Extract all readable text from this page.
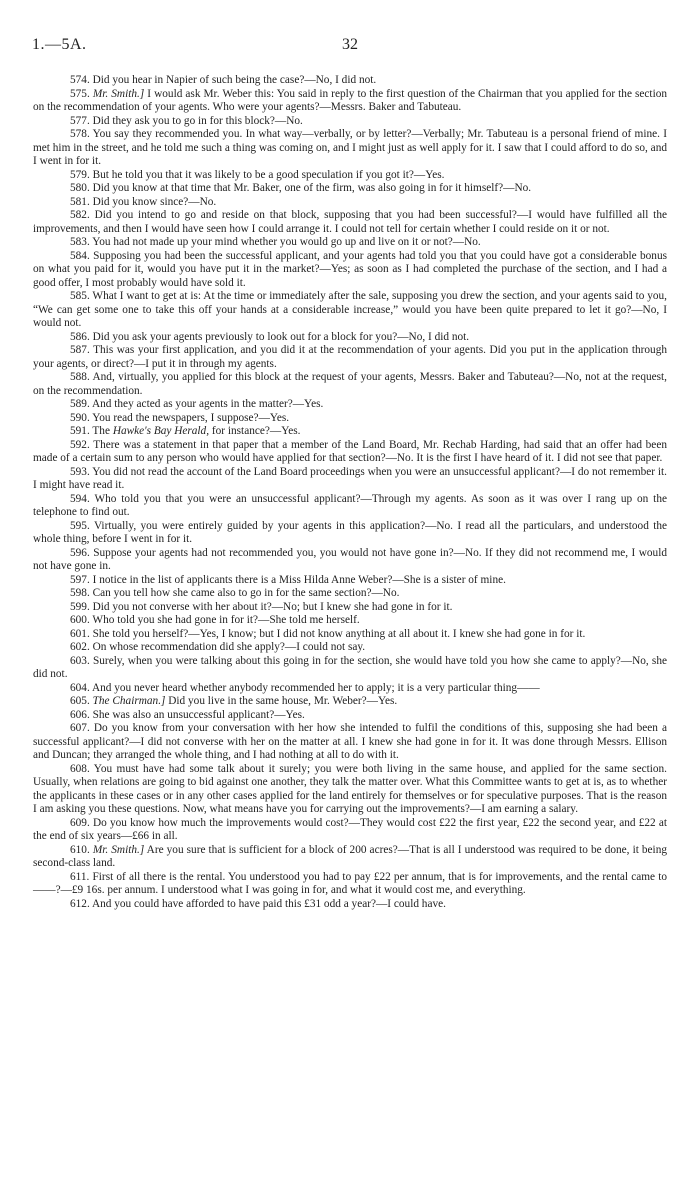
1.—5A.	32

574. Did you hear in Napier of such being the case?—No, I did not.

575. Mr. Smith.] I would ask Mr. Weber this: You said in reply to the first question of the Chairman that you applied for the section on the recommendation of your agents. Who were your agents?—Messrs. Baker and Tabuteau.

577. Did they ask you to go in for this block?—No.

578. You say they recommended you. In what way—verbally, or by letter?—Verbally; Mr. Tabuteau is a personal friend of mine. I met him in the street, and he told me such a thing was coming on, and I might just as well apply for it. I saw that I could afford to do so, and I went in for it.

579. But he told you that it was likely to be a good speculation if you got it?—Yes.

580. Did you know at that time that Mr. Baker, one of the firm, was also going in for it himself?—No.

581. Did you know since?—No.

582. Did you intend to go and reside on that block, supposing that you had been successful?—I would have fulfilled all the improvements, and then I would have seen how I could arrange it. I could not tell for certain whether I could reside on it or not.

583. You had not made up your mind whether you would go up and live on it or not?—No.

584. Supposing you had been the successful applicant, and your agents had told you that you could have got a considerable bonus on what you paid for it, would you have put it in the market?—Yes; as soon as I had completed the purchase of the section, and I had a good offer, I most probably would have sold it.

585. What I want to get at is: At the time or immediately after the sale, supposing you drew the section, and your agents said to you, “We can get some one to take this off your hands at a considerable increase,” would you have been quite prepared to let it go?—No, I would not.

586. Did you ask your agents previously to look out for a block for you?—No, I did not.

587. This was your first application, and you did it at the recommendation of your agents. Did you put in the application through your agents, or direct?—I put it in through my agents.

588. And, virtually, you applied for this block at the request of your agents, Messrs. Baker and Tabuteau?—No, not at the request, on the recommendation.

589. And they acted as your agents in the matter?—Yes.

590. You read the newspapers, I suppose?—Yes.

591. The Hawke's Bay Herald, for instance?—Yes.

592. There was a statement in that paper that a member of the Land Board, Mr. Rechab Harding, had said that an offer had been made of a certain sum to any person who would have applied for that section?—No. It is the first I have heard of it. I did not see that paper.

593. You did not read the account of the Land Board proceedings when you were an unsuccessful applicant?—I do not remember it. I might have read it.

594. Who told you that you were an unsuccessful applicant?—Through my agents. As soon as it was over I rang up on the telephone to find out.

595. Virtually, you were entirely guided by your agents in this application?—No. I read all the particulars, and understood the whole thing, before I went in for it.

596. Suppose your agents had not recommended you, you would not have gone in?—No. If they did not recommend me, I would not have gone in.

597. I notice in the list of applicants there is a Miss Hilda Anne Weber?—She is a sister of mine.

598. Can you tell how she came also to go in for the same section?—No.

599. Did you not converse with her about it?—No; but I knew she had gone in for it.

600. Who told you she had gone in for it?—She told me herself.

601. She told you herself?—Yes, I know; but I did not know anything at all about it. I knew she had gone in for it.

602. On whose recommendation did she apply?—I could not say.

603. Surely, when you were talking about this going in for the section, she would have told you how she came to apply?—No, she did not.

604. And you never heard whether anybody recommended her to apply; it is a very particular thing——

605. The Chairman.] Did you live in the same house, Mr. Weber?—Yes.

606. She was also an unsuccessful applicant?—Yes.

607. Do you know from your conversation with her how she intended to fulfil the conditions of this, supposing she had been a successful applicant?—I did not converse with her on the matter at all. I knew she had gone in for it. It was done through Messrs. Ellison and Duncan; they arranged the whole thing, and I had nothing at all to do with it.

608. You must have had some talk about it surely; you were both living in the same house, and applied for the same section. Usually, when relations are going to bid against one another, they talk the matter over. What this Committee wants to get at is, as to whether the applicants in these cases or in any other cases applied for the land entirely for themselves or for speculative purposes. That is the reason I am asking you these questions. Now, what means have you for carrying out the improvements?—I am earning a salary.

609. Do you know how much the improvements would cost?—They would cost £22 the first year, £22 the second year, and £22 at the end of six years—£66 in all.

610. Mr. Smith.] Are you sure that is sufficient for a block of 200 acres?—That is all I understood was required to be done, it being second-class land.

611. First of all there is the rental. You understood you had to pay £22 per annum, that is for improvements, and the rental came to ——?—£9 16s. per annum. I understood what I was going in for, and what it would cost me, and everything.

612. And you could have afforded to have paid this £31 odd a year?—I could have.
